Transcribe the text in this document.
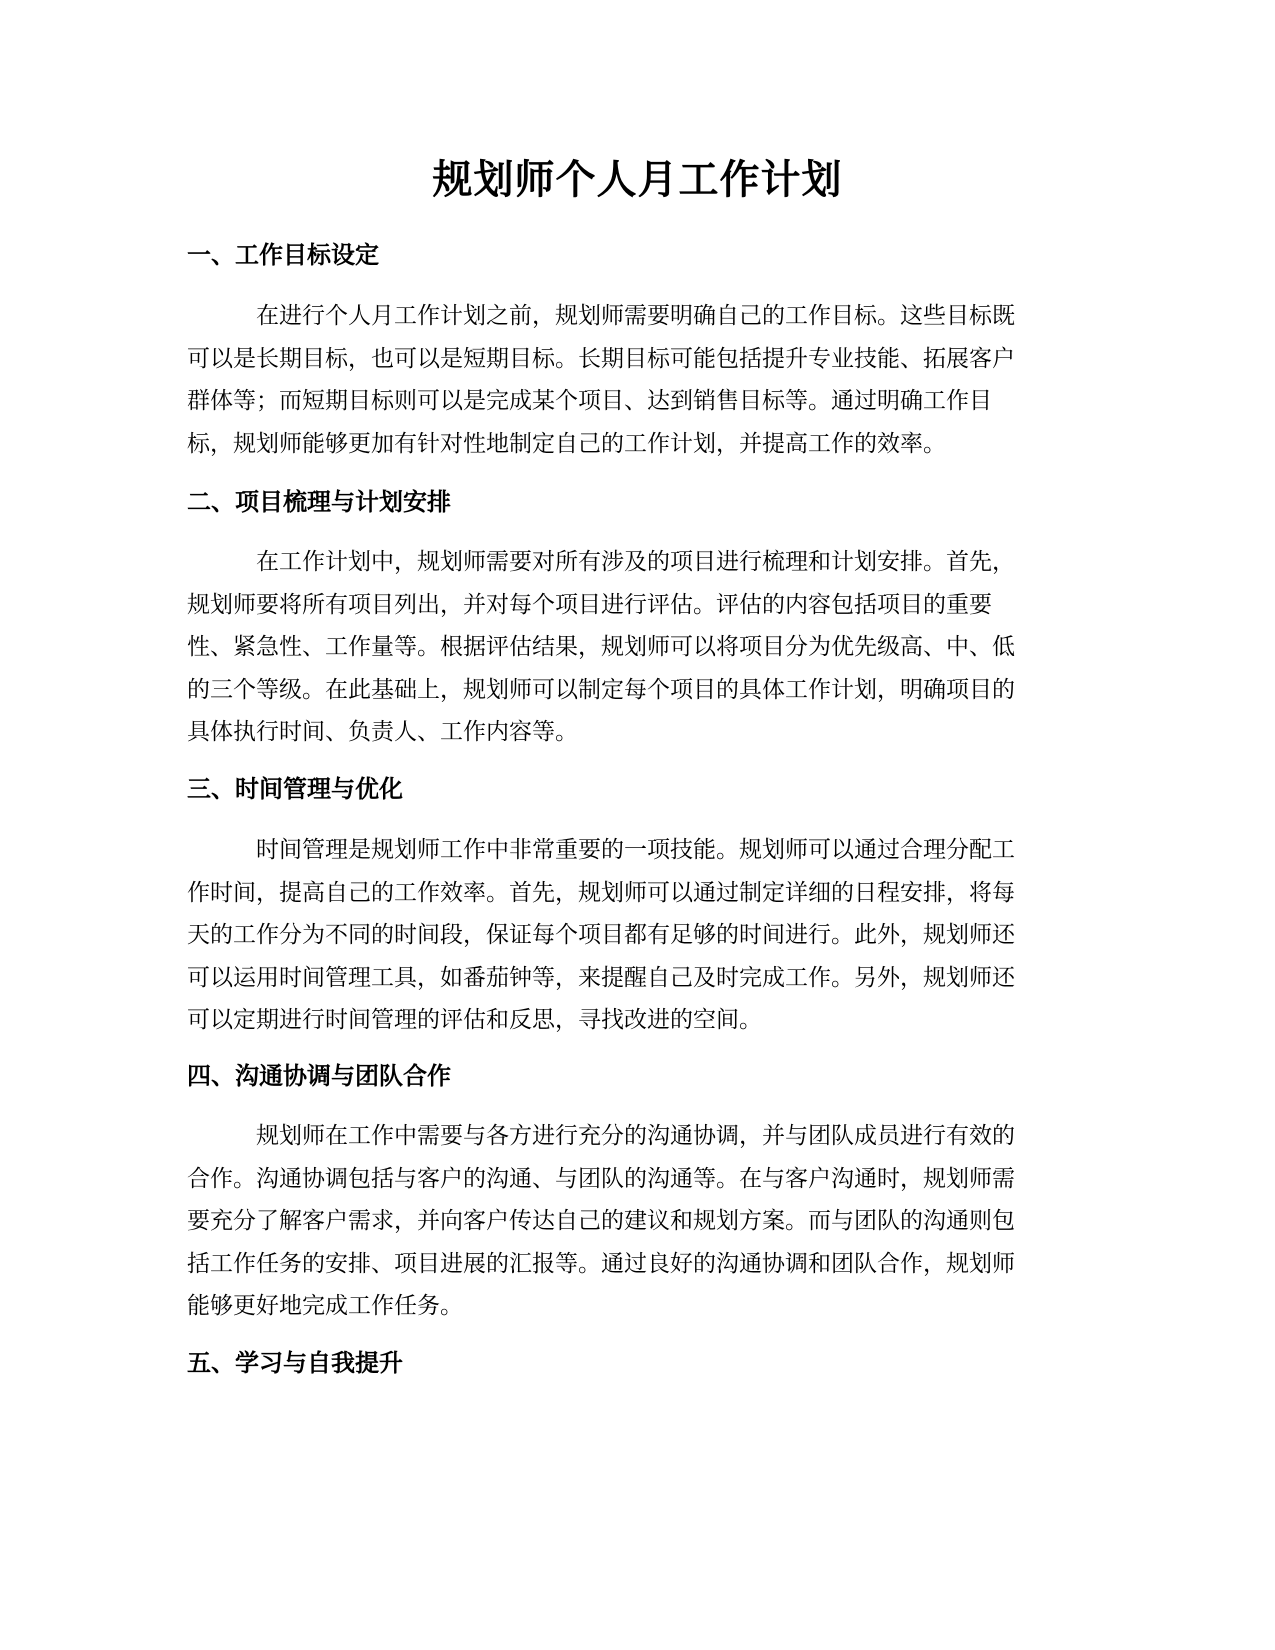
规划师个人月工作计划
一、工作目标设定
在进行个人月工作计划之前，规划师需要明确自己的工作目标。这些目标既
可以是长期目标，也可以是短期目标。长期目标可能包括提升专业技能、拓展客户
群体等；而短期目标则可以是完成某个项目、达到销售目标等。通过明确工作目
标，规划师能够更加有针对性地制定自己的工作计划，并提高工作的效率。
二、项目梳理与计划安排
在工作计划中，规划师需要对所有涉及的项目进行梳理和计划安排。首先，
规划师要将所有项目列出，并对每个项目进行评估。评估的内容包括项目的重要
性、紧急性、工作量等。根据评估结果，规划师可以将项目分为优先级高、中、低
的三个等级。在此基础上，规划师可以制定每个项目的具体工作计划，明确项目的
具体执行时间、负责人、工作内容等。
三、时间管理与优化
时间管理是规划师工作中非常重要的一项技能。规划师可以通过合理分配工
作时间，提高自己的工作效率。首先，规划师可以通过制定详细的日程安排，将每
天的工作分为不同的时间段，保证每个项目都有足够的时间进行。此外，规划师还
可以运用时间管理工具，如番茄钟等，来提醒自己及时完成工作。另外，规划师还
可以定期进行时间管理的评估和反思，寻找改进的空间。
四、沟通协调与团队合作
规划师在工作中需要与各方进行充分的沟通协调，并与团队成员进行有效的
合作。沟通协调包括与客户的沟通、与团队的沟通等。在与客户沟通时，规划师需
要充分了解客户需求，并向客户传达自己的建议和规划方案。而与团队的沟通则包
括工作任务的安排、项目进展的汇报等。通过良好的沟通协调和团队合作，规划师
能够更好地完成工作任务。
五、学习与自我提升
